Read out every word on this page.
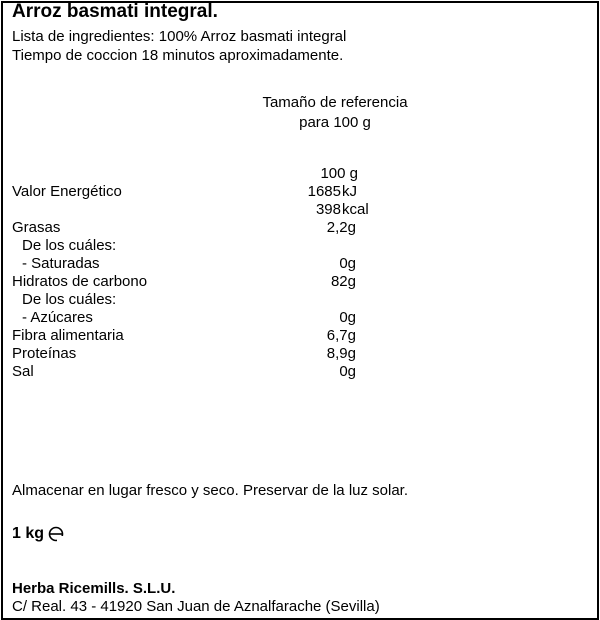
Arroz basmati integral.
Lista de ingredientes: 100% Arroz basmati integral
Tiempo de coccion 18 minutos aproximadamente.
Tamaño de referencia
para 100 g
100 g
Valor Energético	1685 kJ
398 kcal
Grasas	2,2g
De los cuáles:
- Saturadas	0g
Hidratos de carbono	82g
De los cuáles:
- Azúcares	0g
Fibra alimentaria	6,7g
Proteínas	8,9g
Sal	0g
Almacenar en lugar fresco y seco. Preservar de la luz solar.
1 kg
Herba Ricemills. S.L.U.
C/ Real. 43 - 41920 San Juan de Aznalfarache (Sevilla)
